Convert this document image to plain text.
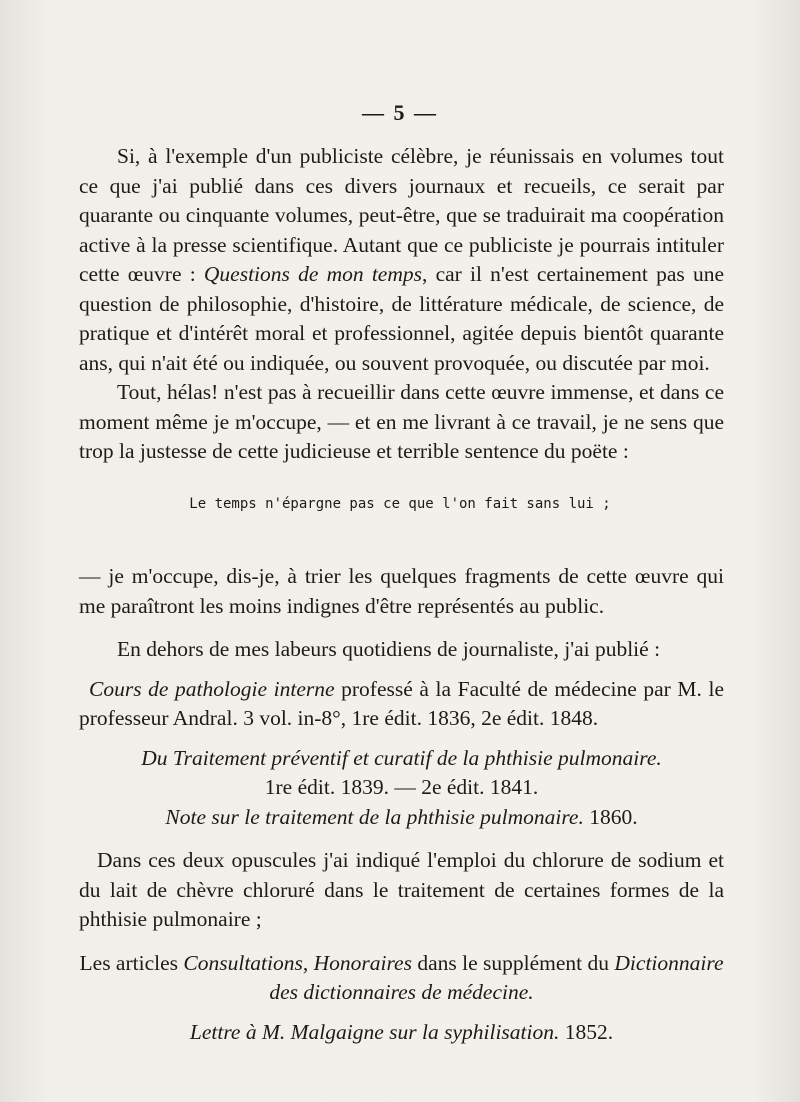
— 5 —

Si, à l'exemple d'un publiciste célèbre, je réunissais en volumes tout ce que j'ai publié dans ces divers journaux et recueils, ce serait par quarante ou cinquante volumes, peut-être, que se traduirait ma coopération active à la presse scientifique. Autant que ce publiciste je pourrais intituler cette œuvre : Questions de mon temps, car il n'est certainement pas une question de philosophie, d'histoire, de littérature médicale, de science, de pratique et d'intérêt moral et professionnel, agitée depuis bientôt quarante ans, qui n'ait été ou indiquée, ou souvent provoquée, ou discutée par moi.

Tout, hélas! n'est pas à recueillir dans cette œuvre immense, et dans ce moment même je m'occupe, — et en me livrant à ce travail, je ne sens que trop la justesse de cette judicieuse et terrible sentence du poëte :

Le temps n'épargne pas ce que l'on fait sans lui ;

— je m'occupe, dis-je, à trier les quelques fragments de cette œuvre qui me paraîtront les moins indignes d'être représentés au public.

En dehors de mes labeurs quotidiens de journaliste, j'ai publié :

Cours de pathologie interne professé à la Faculté de médecine par M. le professeur Andral. 3 vol. in-8°, 1re édit. 1836, 2e édit. 1848.

Du Traitement préventif et curatif de la phthisie pulmonaire.
1re édit. 1839. — 2e édit. 1841.

Note sur le traitement de la phthisie pulmonaire. 1860.

Dans ces deux opuscules j'ai indiqué l'emploi du chlorure de sodium et du lait de chèvre chloruré dans le traitement de certaines formes de la phthisie pulmonaire ;

Les articles Consultations, Honoraires dans le supplément du Dictionnaire des dictionnaires de médecine.

Lettre à M. Malgaigne sur la syphilisation. 1852.
